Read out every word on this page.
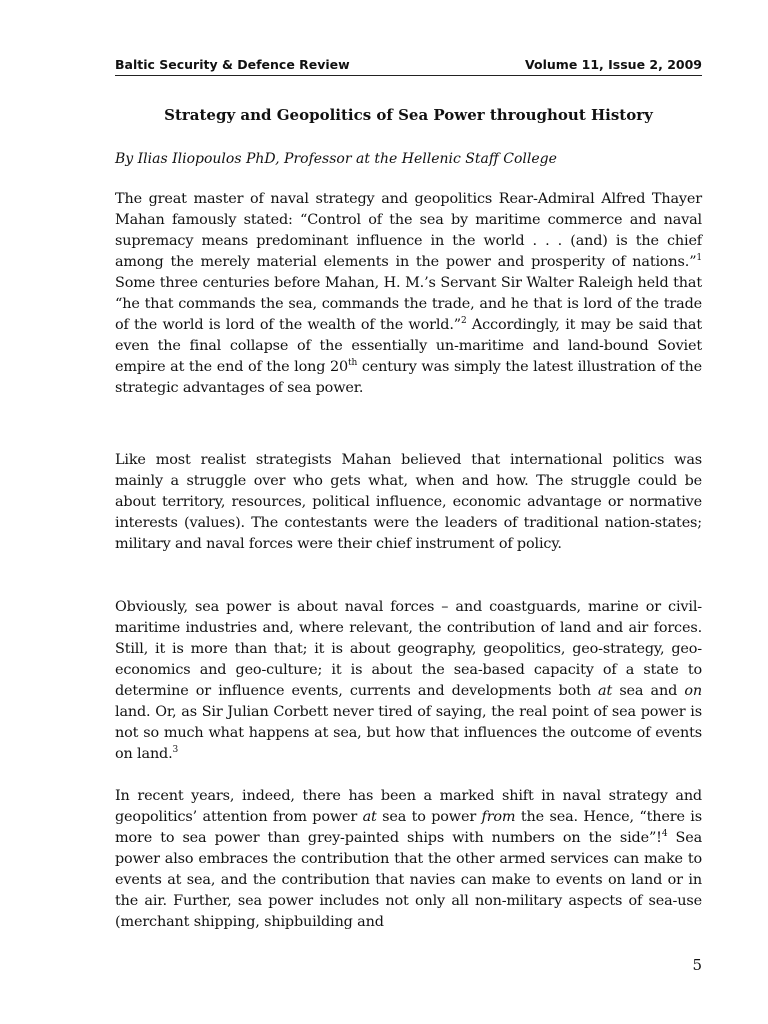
Baltic Security & Defence Review	Volume 11, Issue 2, 2009
Strategy and Geopolitics of Sea Power throughout History

By Ilias Iliopoulos PhD, Professor at the Hellenic Staff College

The great master of naval strategy and geopolitics Rear-Admiral Alfred Thayer Mahan famously stated: “Control of the sea by maritime commerce and naval supremacy means predominant influence in the world . . . (and) is the chief among the merely material elements in the power and prosperity of nations.”$^1$ Some three centuries before Mahan, H. M.’s Servant Sir Walter Raleigh held that “he that commands the sea, commands the trade, and he that is lord of the trade of the world is lord of the wealth of the world.”$^2$ Accordingly, it may be said that even the final collapse of the essentially un-maritime and land-bound Soviet empire at the end of the long 20th century was simply the latest illustration of the strategic advantages of sea power.

Like most realist strategists Mahan believed that international politics was mainly a struggle over who gets what, when and how. The struggle could be about territory, resources, political influence, economic advantage or normative interests (values). The contestants were the leaders of traditional nation-states; military and naval forces were their chief instrument of policy.

Obviously, sea power is about naval forces – and coastguards, marine or civil-maritime industries and, where relevant, the contribution of land and air forces. Still, it is more than that; it is about geography, geopolitics, geo-strategy, geo-economics and geo-culture; it is about the sea-based capacity of a state to determine or influence events, currents and developments both at sea and on land. Or, as Sir Julian Corbett never tired of saying, the real point of sea power is not so much what happens at sea, but how that influences the outcome of events on land.$^3$

In recent years, indeed, there has been a marked shift in naval strategy and geopolitics’ attention from power at sea to power from the sea. Hence, “there is more to sea power than grey-painted ships with numbers on the side”!$^4$ Sea power also embraces the contribution that the other armed services can make to events at sea, and the contribution that navies can make to events on land or in the air. Further, sea power includes not only all non-military aspects of sea-use (merchant shipping, shipbuilding and

5
